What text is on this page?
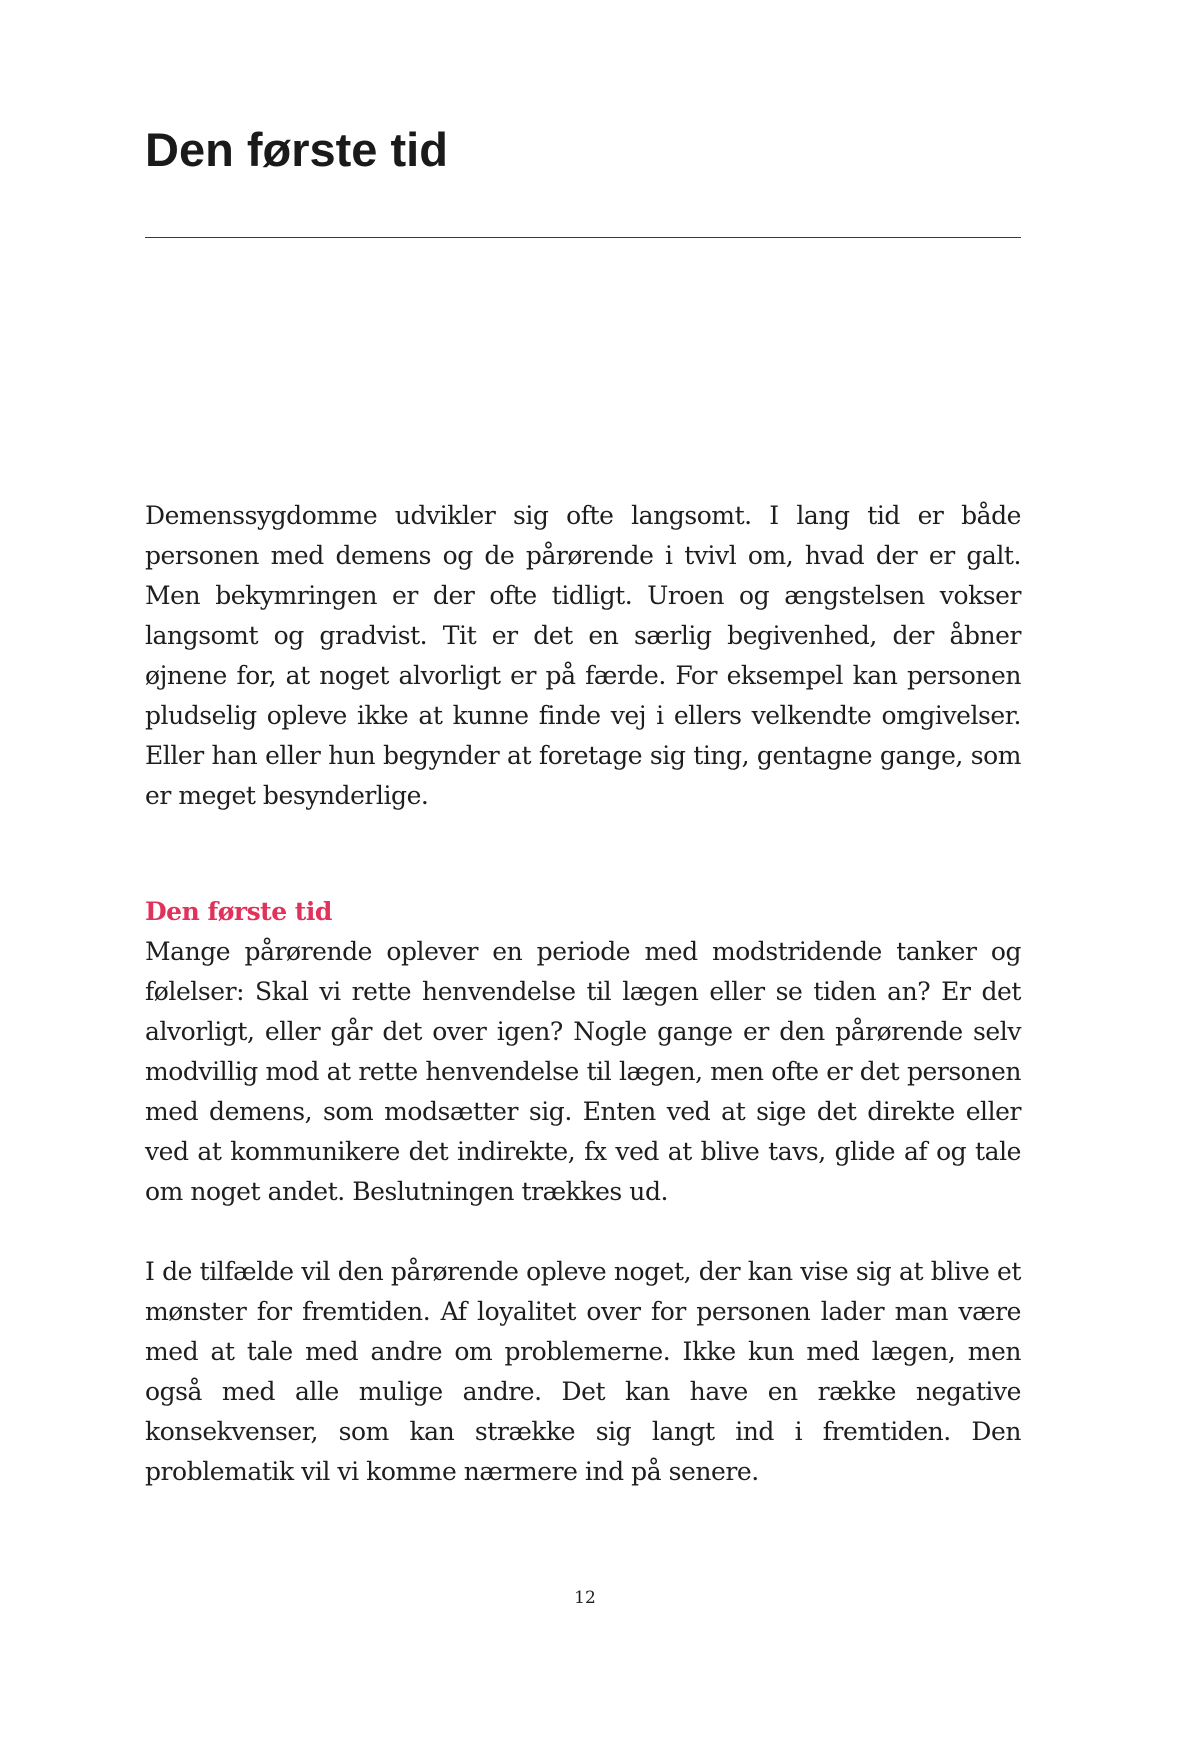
Den første tid

Demenssygdomme udvikler sig ofte langsomt. I lang tid er både personen med demens og de pårørende i tvivl om, hvad der er galt. Men bekymringen er der ofte tidligt. Uroen og ængstelsen vokser langsomt og gradvist. Tit er det en særlig begivenhed, der åbner øjnene for, at noget alvorligt er på færde. For eksempel kan personen pludselig opleve ikke at kunne finde vej i ellers velkendte omgivelser. Eller han eller hun begynder at foretage sig ting, gentagne gange, som er meget besynderlige.

Den første tid

Mange pårørende oplever en periode med modstridende tanker og følelser: Skal vi rette henvendelse til lægen eller se tiden an? Er det alvorligt, eller går det over igen? Nogle gange er den pårørende selv modvillig mod at rette henvendelse til lægen, men ofte er det personen med demens, som modsætter sig. Enten ved at sige det direkte eller ved at kommunikere det indirekte, fx ved at blive tavs, glide af og tale om noget andet. Beslutningen trækkes ud.

I de tilfælde vil den pårørende opleve noget, der kan vise sig at blive et mønster for fremtiden. Af loyalitet over for personen lader man være med at tale med andre om problemerne. Ikke kun med lægen, men også med alle mulige andre. Det kan have en række negative konsekvenser, som kan strække sig langt ind i fremtiden. Den problematik vil vi komme nærmere ind på senere.

12
